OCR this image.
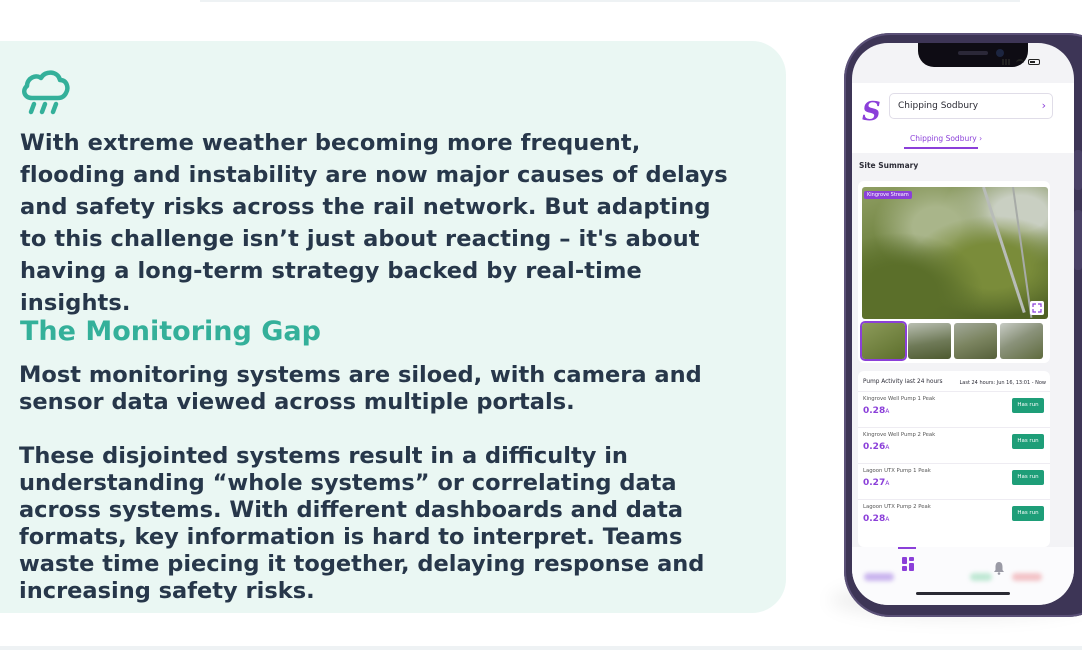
With extreme weather becoming more frequent, flooding and instability are now major causes of delays and safety risks across the rail network. But adapting to this challenge isn’t just about reacting – it's about having a long-term strategy backed by real-time insights.

The Monitoring Gap

Most monitoring systems are siloed, with camera and sensor data viewed across multiple portals.

These disjointed systems result in a difficulty in understanding “whole systems” or correlating data across systems. With different dashboards and data formats, key information is hard to interpret. Teams waste time piecing it together, delaying response and increasing safety risks.

S	Chipping Sodbury	›
Chipping Sodbury ›
Site Summary
Kingrove Stream
Pump Activity last 24 hours	Last 24 hours: Jun 16, 13:01 - Now
Kingrove Well Pump 1 Peak
0.28A
Has run
Kingrove Well Pump 2 Peak
0.26A
Has run
Lagoon UTX Pump 1 Peak
0.27A
Has run
Lagoon UTX Pump 2 Peak
0.28A
Has run
